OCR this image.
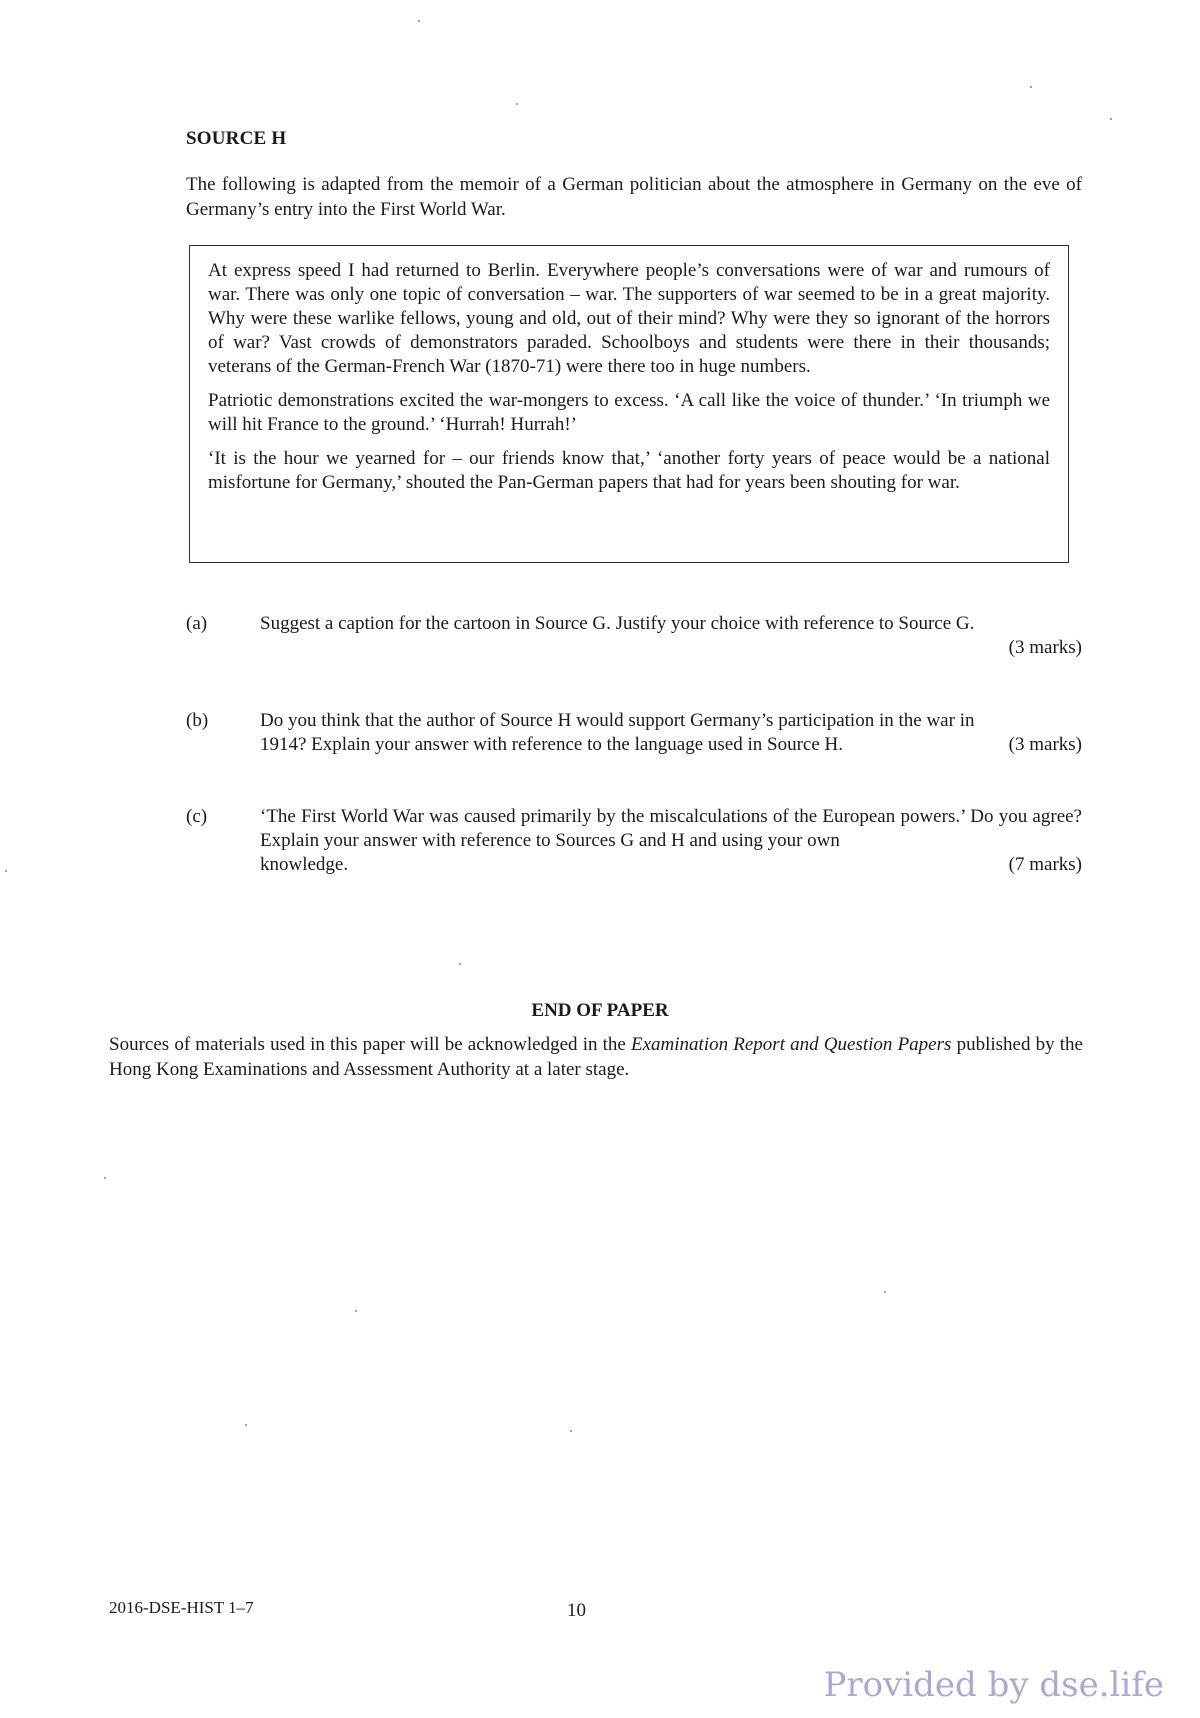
SOURCE H
The following is adapted from the memoir of a German politician about the atmosphere in Germany on the eve of Germany’s entry into the First World War.

At express speed I had returned to Berlin. Everywhere people’s conversations were of war and rumours of war. There was only one topic of conversation – war. The supporters of war seemed to be in a great majority. Why were these warlike fellows, young and old, out of their mind? Why were they so ignorant of the horrors of war? Vast crowds of demonstrators paraded. Schoolboys and students were there in their thousands; veterans of the German-French War (1870-71) were there too in huge numbers.

Patriotic demonstrations excited the war-mongers to excess. ‘A call like the voice of thunder.’ ‘In triumph we will hit France to the ground.’ ‘Hurrah! Hurrah!’

‘It is the hour we yearned for – our friends know that,’ ‘another forty years of peace would be a national misfortune for Germany,’ shouted the Pan-German papers that had for years been shouting for war.

(a)	Suggest a caption for the cartoon in Source G. Justify your choice with reference to Source G.
(3 marks)
(b)	Do you think that the author of Source H would support Germany’s participation in the war in
1914? Explain your answer with reference to the language used in Source H.	(3 marks)
(c)	‘The First World War was caused primarily by the miscalculations of the European powers.’ Do you agree? Explain your answer with reference to Sources G and H and using your own
knowledge.	(7 marks)
END OF PAPER
Sources of materials used in this paper will be acknowledged in the Examination Report and Question Papers published by the Hong Kong Examinations and Assessment Authority at a later stage.
2016-DSE-HIST 1–7	10
Provided by dse.life
